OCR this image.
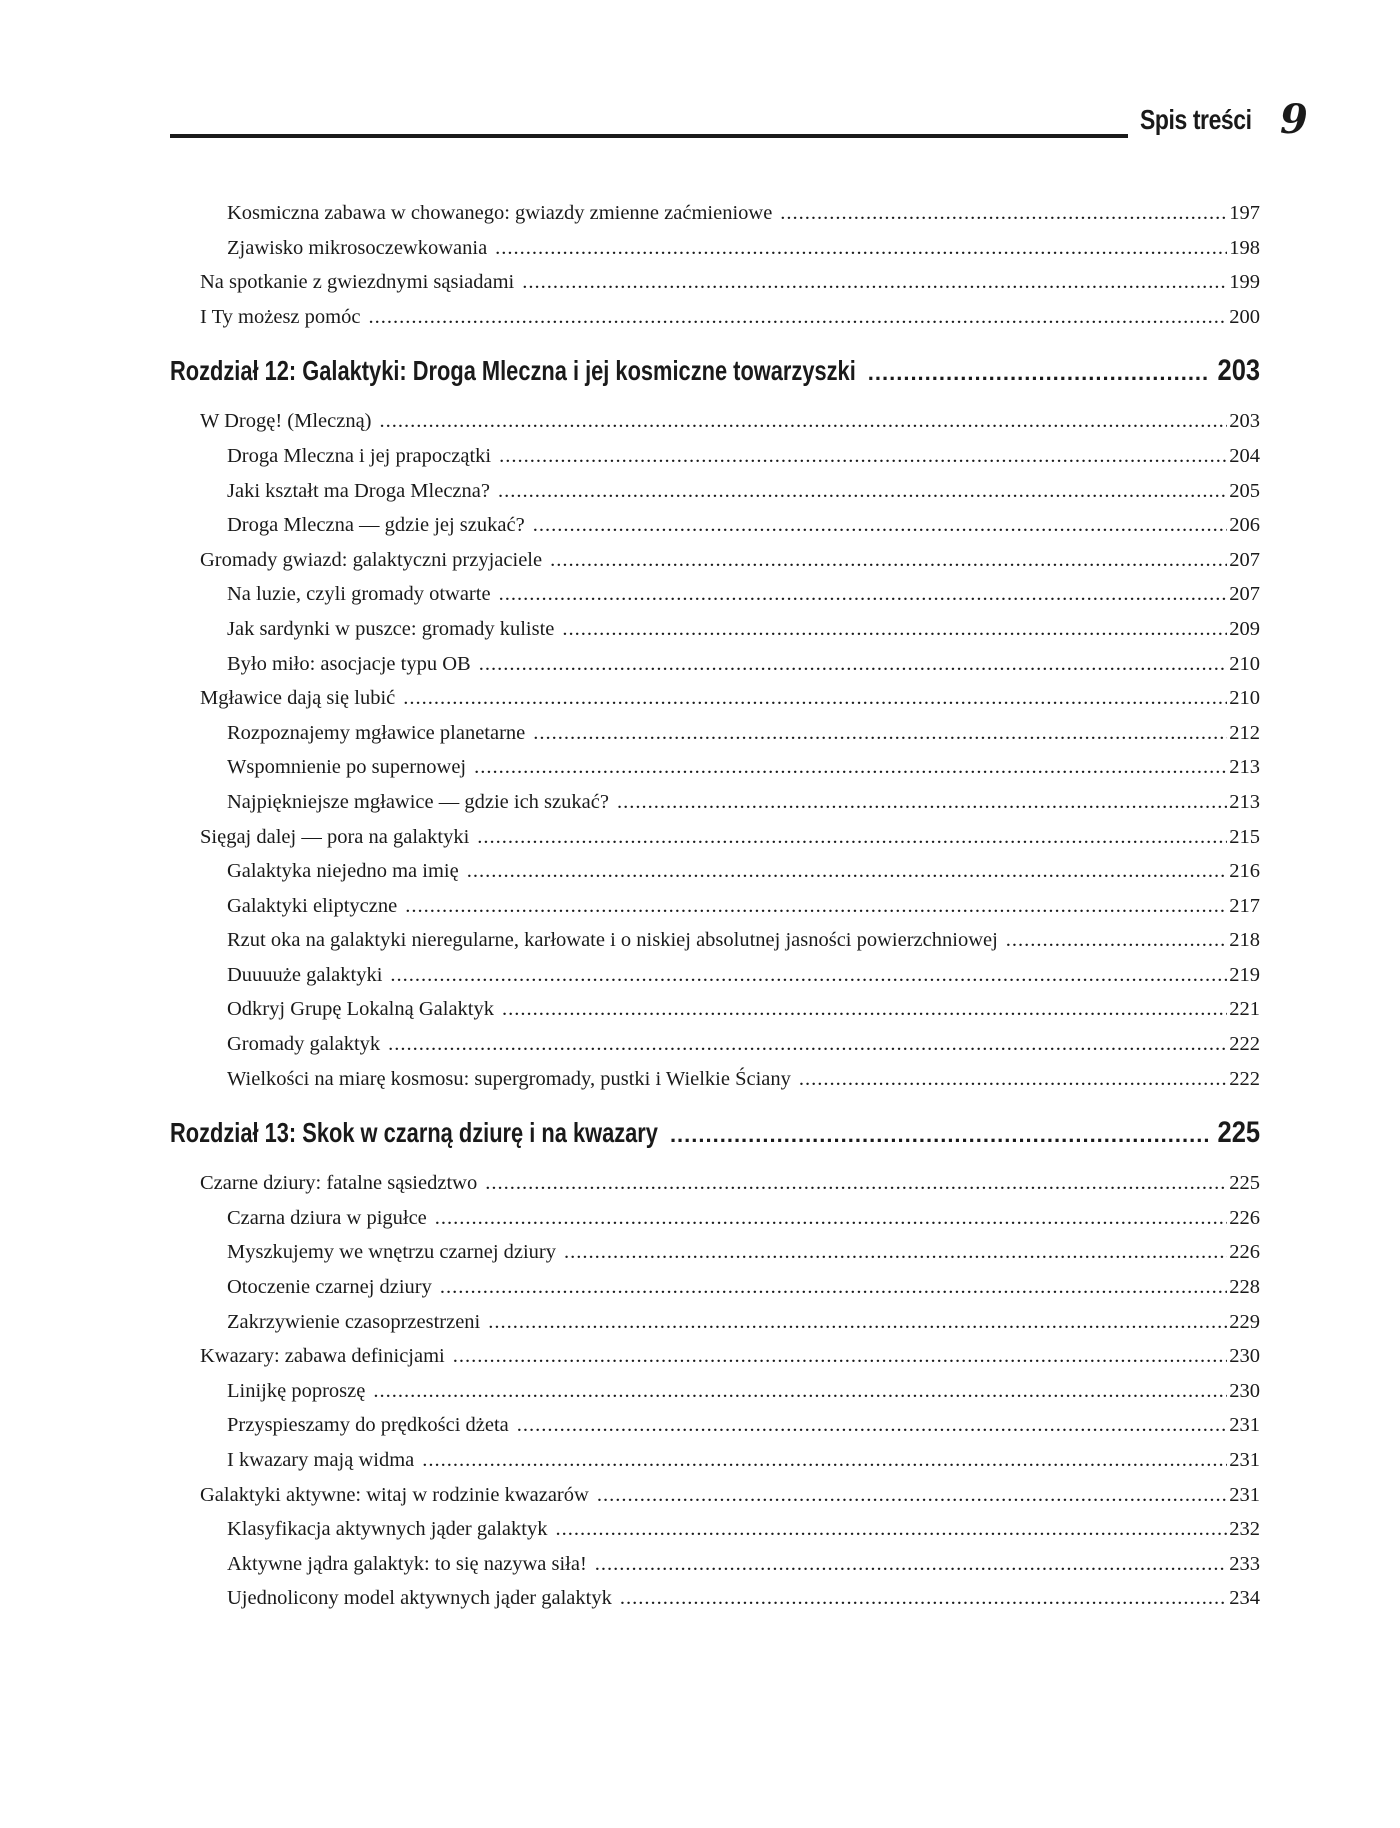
Spis treści 9
Kosmiczna zabawa w chowanego: gwiazdy zmienne zaćmieniowe .....	197
Zjawisko mikrosoczewkowania .....	198
Na spotkanie z gwiezdnymi sąsiadami .....	199
I Ty możesz pomóc .....	200
Rozdział 12: Galaktyki: Droga Mleczna i jej kosmiczne towarzyszki .....	203
W Drogę! (Mleczną) .....	203
Droga Mleczna i jej prapoczątki .....	204
Jaki kształt ma Droga Mleczna? .....	205
Droga Mleczna — gdzie jej szukać? .....	206
Gromady gwiazd: galaktyczni przyjaciele .....	207
Na luzie, czyli gromady otwarte .....	207
Jak sardynki w puszce: gromady kuliste .....	209
Było miło: asocjacje typu OB .....	210
Mgławice dają się lubić .....	210
Rozpoznajemy mgławice planetarne .....	212
Wspomnienie po supernowej .....	213
Najpiękniejsze mgławice — gdzie ich szukać? .....	213
Sięgaj dalej — pora na galaktyki .....	215
Galaktyka niejedno ma imię .....	216
Galaktyki eliptyczne .....	217
Rzut oka na galaktyki nieregularne, karłowate i o niskiej absolutnej jasności powierzchniowej .....	218
Duuuuże galaktyki .....	219
Odkryj Grupę Lokalną Galaktyk .....	221
Gromady galaktyk .....	222
Wielkości na miarę kosmosu: supergromady, pustki i Wielkie Ściany .....	222
Rozdział 13: Skok w czarną dziurę i na kwazary .....	225
Czarne dziury: fatalne sąsiedztwo .....	225
Czarna dziura w pigułce .....	226
Myszkujemy we wnętrzu czarnej dziury .....	226
Otoczenie czarnej dziury .....	228
Zakrzywienie czasoprzestrzeni .....	229
Kwazary: zabawa definicjami .....	230
Linijkę poproszę .....	230
Przyspieszamy do prędkości dżeta .....	231
I kwazary mają widma .....	231
Galaktyki aktywne: witaj w rodzinie kwazarów .....	231
Klasyfikacja aktywnych jąder galaktyk .....	232
Aktywne jądra galaktyk: to się nazywa siła! .....	233
Ujednolicony model aktywnych jąder galaktyk .....	234
